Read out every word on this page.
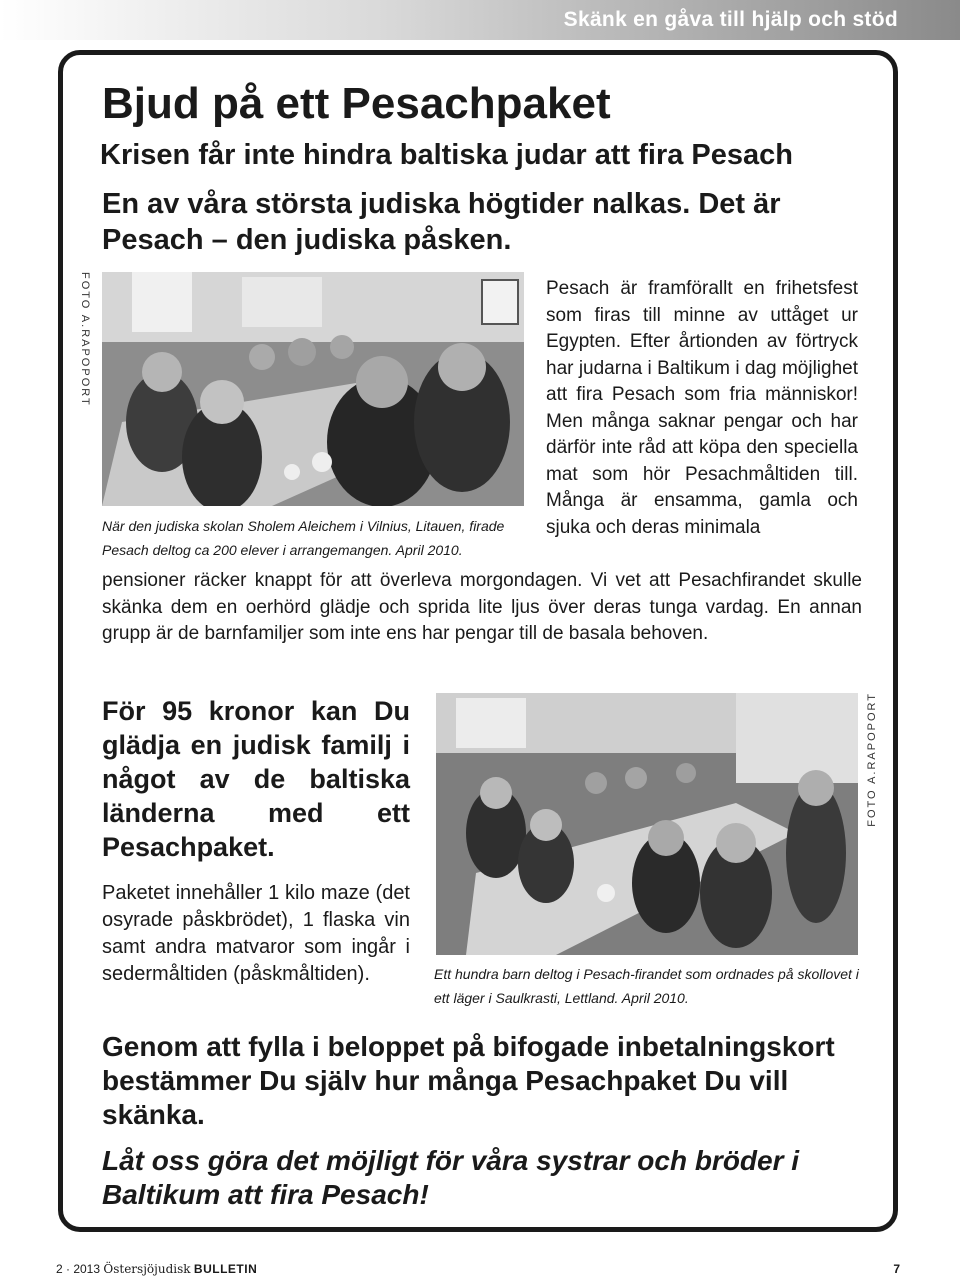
Skänk en gåva till hjälp och stöd
Bjud på ett Pesachpaket
Krisen får inte hindra baltiska judar att fira Pesach

En av våra största judiska högtider nalkas. Det är Pesach – den judiska påsken.

FOTO A.RAPOPORT
När den judiska skolan Sholem Aleichem i Vilnius, Litauen, firade Pesach deltog ca 200 elever i arrangemangen. April 2010.

Pesach är framförallt en frihetsfest som firas till minne av uttåget ur Egypten. Efter årtionden av förtryck har judarna i Baltikum i dag möjlighet att fira Pesach som fria människor! Men många saknar pengar och har därför inte råd att köpa den speciella mat som hör Pesachmåltiden till. Många är ensamma, gamla och sjuka och deras minimala

pensioner räcker knappt för att överleva morgondagen. Vi vet att Pesachfirandet skulle skänka dem en oerhörd glädje och sprida lite ljus över deras tunga vardag. En annan grupp är de barnfamiljer som inte ens har pengar till de basala behoven.

För 95 kronor kan Du glädja en judisk familj i något av de baltiska länderna med ett Pesachpaket.

Paketet innehåller 1 kilo maze (det osyrade påskbrödet), 1 flaska vin samt andra matvaror som ingår i sedermåltiden (påskmåltiden).

FOTO A.RAPOPORT
Ett hundra barn deltog i Pesach-firandet som ordnades på skollovet i ett läger i Saulkrasti, Lettland. April 2010.

Genom att fylla i beloppet på bifogade inbetalningskort bestämmer Du själv hur många Pesachpaket Du vill skänka.

Låt oss göra det möjligt för våra systrar och bröder i Baltikum att fira Pesach!

2 · 2013 Östersjöjudisk BULLETIN	7
